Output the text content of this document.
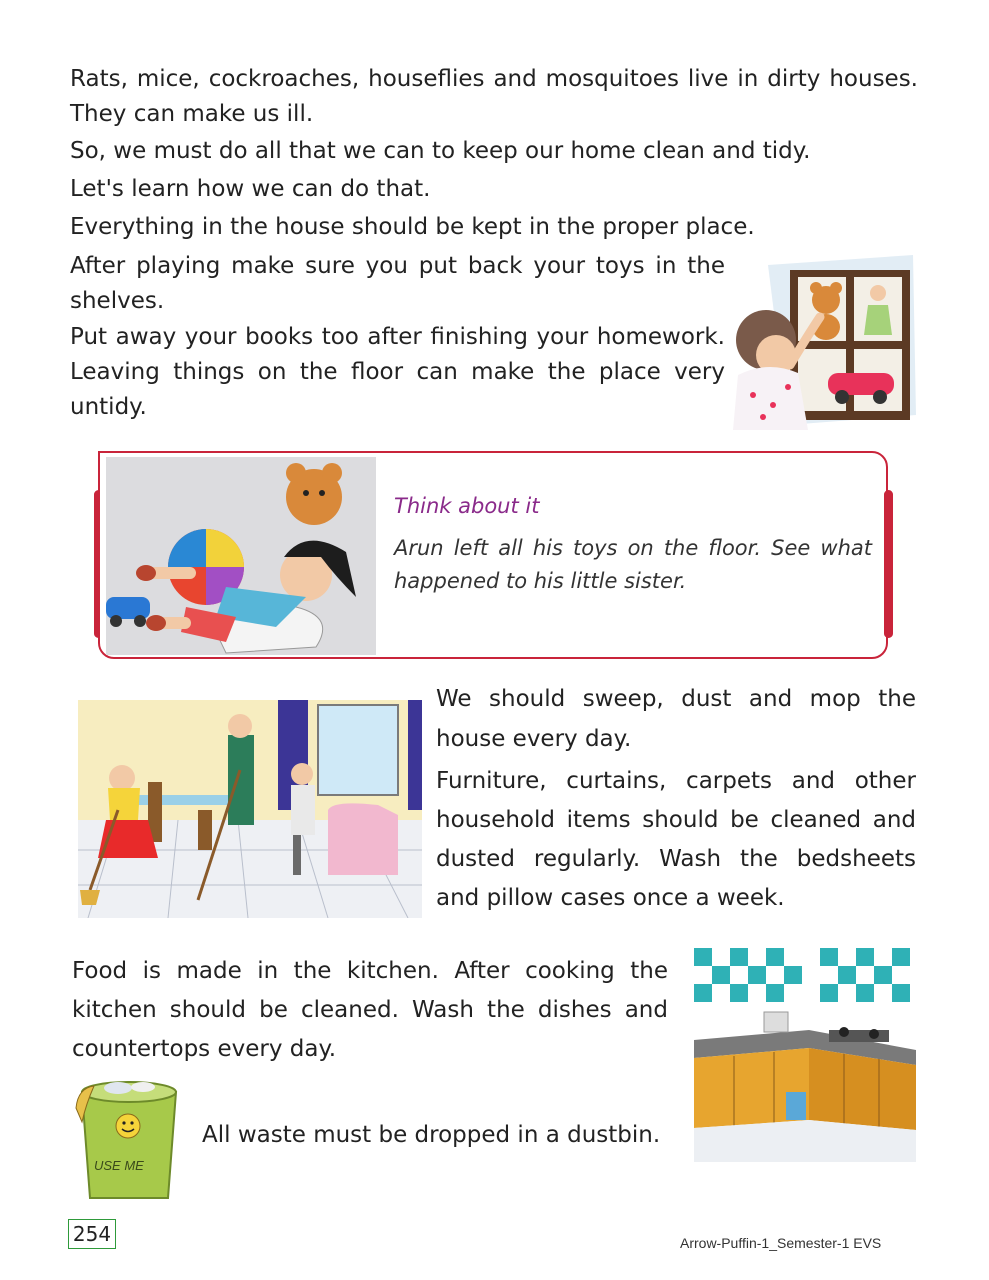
Rats, mice, cockroaches, houseflies and mosquitoes live in dirty houses. They can make us ill.

So, we must do all that we can to keep our home clean and tidy.

Let's learn how we can do that.

Everything in the house should be kept in the proper place.

After playing make sure you put back your toys in the shelves.

Put away your books too after finishing your homework. Leaving things on the floor can make the place very untidy.

Think about it
Arun left all his toys on the floor. See what happened to his little sister.

We should sweep, dust and mop the house every day.

Furniture, curtains, carpets and other household items should be cleaned and dusted regularly. Wash the bedsheets and pillow cases once a week.

Food is made in the kitchen. After cooking the kitchen should be cleaned. Wash the dishes and countertops every day.

USE ME

All waste must be dropped in a dustbin.

254	Arrow-Puffin-1_Semester-1 EVS
